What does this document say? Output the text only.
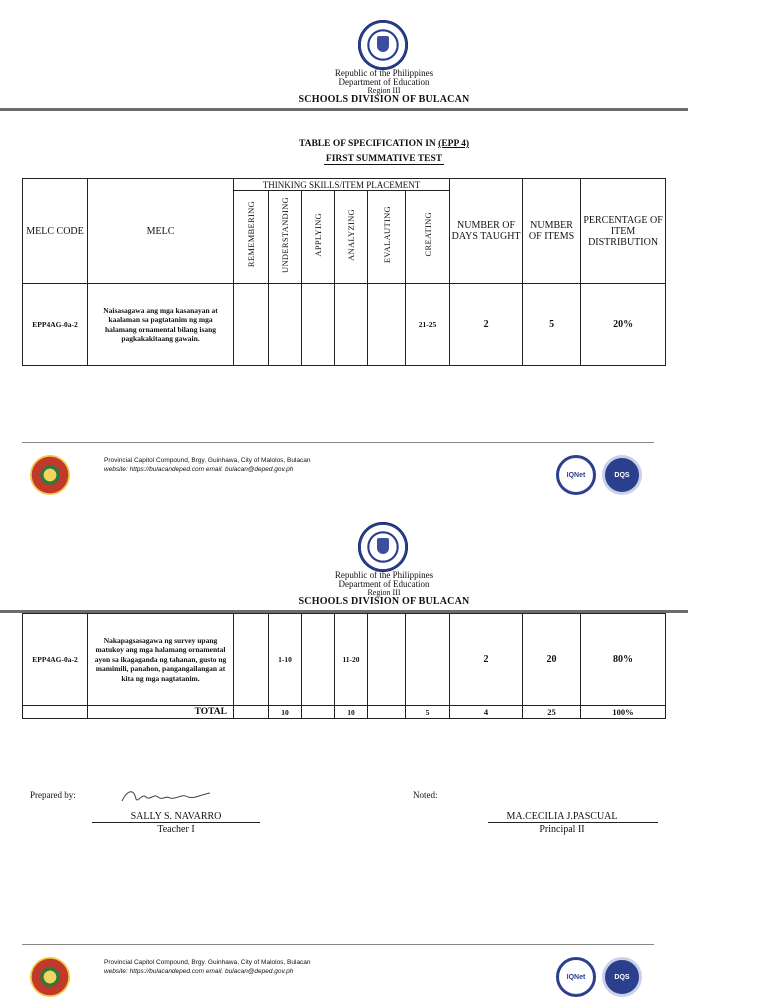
Republic of the Philippines
Department of Education
Region III
SCHOOLS DIVISION OF BULACAN
TABLE OF SPECIFICATION IN (EPP 4)
FIRST SUMMATIVE TEST
MELC CODE	MELC	THINKING SKILLS/ITEM PLACEMENT						NUMBER OF DAYS TAUGHT	NUMBER OF ITEMS	PERCENTAGE OF ITEM DISTRIBUTION
		REMEMBERING	UNDERSTANDING	APPLYING	ANALYZING	EVALAUTING	CREATING			
EPP4AG-0a-2	Naisasagawa ang mga kasanayan at kaalaman sa pagtatanim ng mga halamang ornamental bilang isang pagkakakitaang gawain.						21-25	2	5	20%
Provincial Capitol Compound, Brgy. Guinhawa, City of Malolos, Bulacan
website: https://bulacandeped.com email. bulacan@deped.gov.ph
IQNet	DQS
Republic of the Philippines
Department of Education
Region III
SCHOOLS DIVISION OF BULACAN
EPP4AG-0a-2	Nakapagsasagawa ng survey upang matukoy ang mga halamang ornamental ayon sa ikagaganda ng tahanan, gusto ng mamimili, panahon, pangangailangan at kita ng mga nagtatanim.		1-10		11-20			2	20	80%
	TOTAL		10		10		5	4	25	100%
Prepared by:
SALLY S. NAVARRO
Teacher I
Noted:
MA.CECILIA J.PASCUAL
Principal II
Provincial Capitol Compound, Brgy. Guinhawa, City of Malolos, Bulacan
website: https://bulacandeped.com email. bulacan@deped.gov.ph
IQNet	DQS
